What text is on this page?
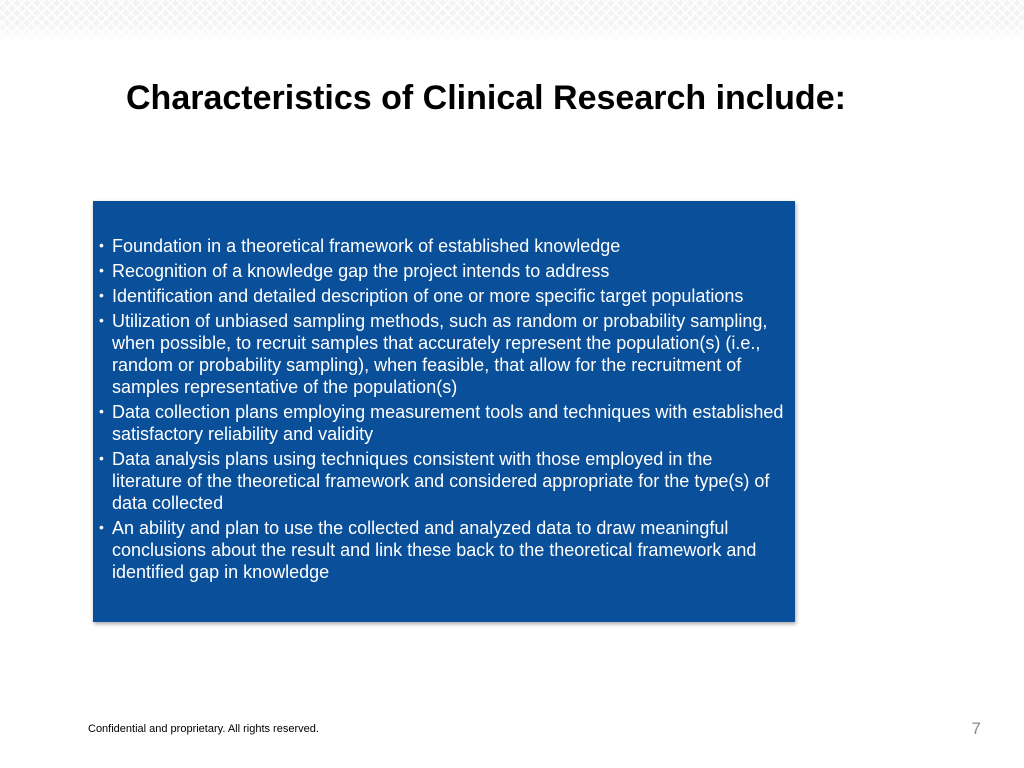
Characteristics of Clinical Research include:
• Foundation in a theoretical framework of established knowledge
• Recognition of a knowledge gap the project intends to address
• Identification and detailed description of one or more specific target populations
• Utilization of unbiased sampling methods, such as random or probability sampling, when possible, to recruit samples that accurately represent the population(s) (i.e., random or probability sampling), when feasible, that allow for the recruitment of samples representative of the population(s)
• Data collection plans employing measurement tools and techniques with established satisfactory reliability and validity
• Data analysis plans using techniques consistent with those employed in the literature of the theoretical framework and considered appropriate for the type(s) of data collected
• An ability and plan to use the collected and analyzed data to draw meaningful conclusions about the result and link these back to the theoretical framework and identified gap in knowledge
Confidential and proprietary. All rights reserved.	7
